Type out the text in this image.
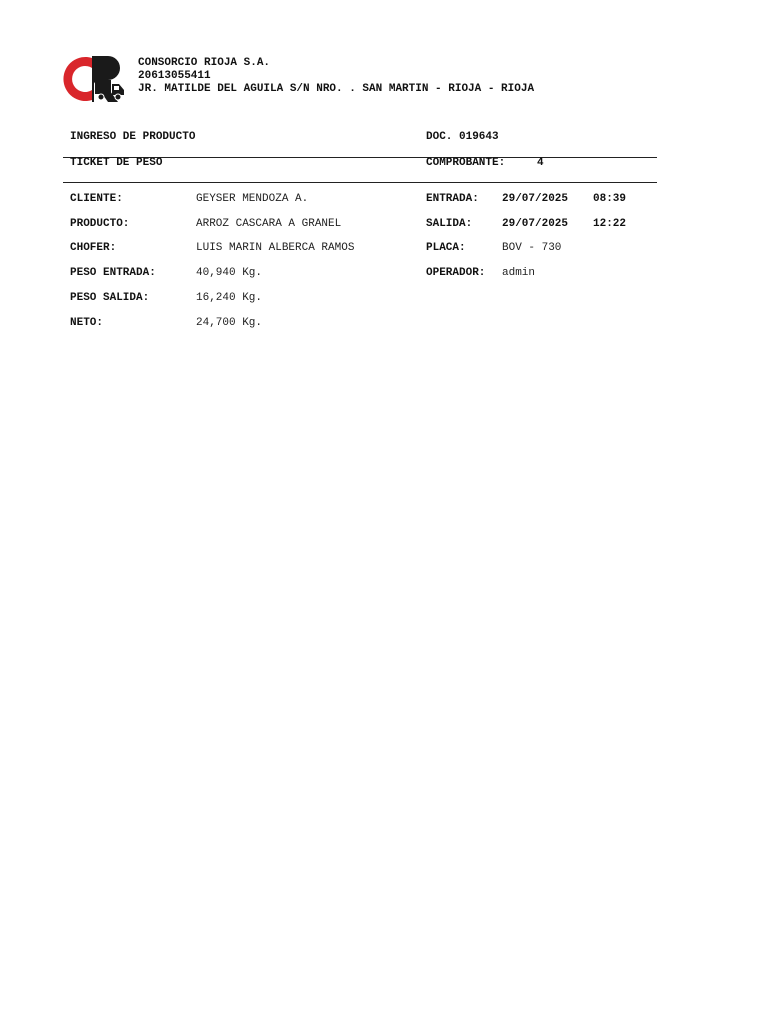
CONSORCIO RIOJA S.A.
20613055411
JR. MATILDE DEL AGUILA S/N NRO. . SAN MARTIN - RIOJA - RIOJA
INGRESO DE PRODUCTO	DOC. 019643
TICKET DE PESO	COMPROBANTE:	4
CLIENTE:	GEYSER MENDOZA A.
PRODUCTO:	ARROZ CASCARA A GRANEL
CHOFER:	LUIS MARIN ALBERCA RAMOS
PESO ENTRADA:	40,940 Kg.
PESO SALIDA:	16,240 Kg.
NETO:	24,700 Kg.
ENTRADA: 29/07/2025 08:39
SALIDA:	29/07/2025 12:22
PLACA:	BOV - 730
OPERADOR: admin
